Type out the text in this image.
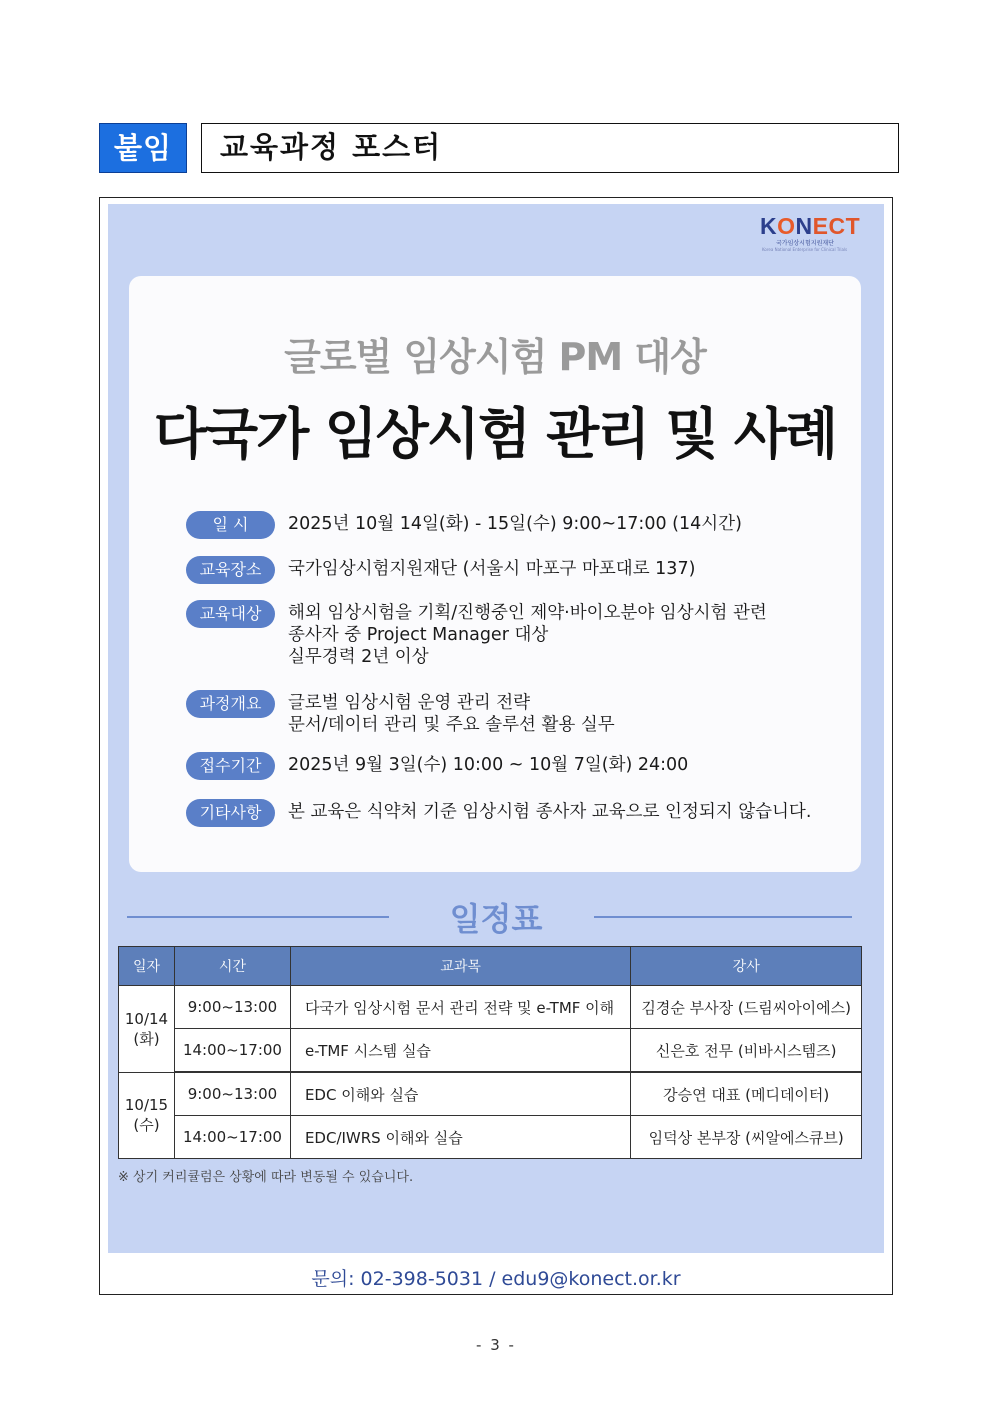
붙임	교육과정 포스터
KONECT
국가임상시험지원재단
Korea National Enterprise for Clinical Trials
글로벌 임상시험 PM 대상
다국가 임상시험 관리 및 사례
일 시	2025년 10월 14일(화) - 15일(수) 9:00~17:00 (14시간)
교육장소	국가임상시험지원재단 (서울시 마포구 마포대로 137)
교육대상	해외 임상시험을 기획/진행중인 제약·바이오분야 임상시험 관련
종사자 중 Project Manager 대상
실무경력 2년 이상
과정개요	글로벌 임상시험 운영 관리 전략
문서/데이터 관리 및 주요 솔루션 활용 실무
접수기간	2025년 9월 3일(수) 10:00 ~ 10월 7일(화) 24:00
기타사항	본 교육은 식약처 기준 임상시험 종사자 교육으로 인정되지 않습니다.
일정표
일자	시간	교과목	강사

10/14
(화)	9:00~13:00	다국가 임상시험 문서 관리 전략 및 e-TMF 이해	김경순 부사장 (드림씨아이에스)
	14:00~17:00	e-TMF 시스템 실습	신은호 전무 (비바시스템즈)

10/15
(수)	9:00~13:00	EDC 이해와 실습	강승연 대표 (메디데이터)
	14:00~17:00	EDC/IWRS 이해와 실습	임덕상 본부장 (씨알에스큐브)
※ 상기 커리큘럼은 상황에 따라 변동될 수 있습니다.
문의: 02-398-5031 / edu9@konect.or.kr
- 3 -
